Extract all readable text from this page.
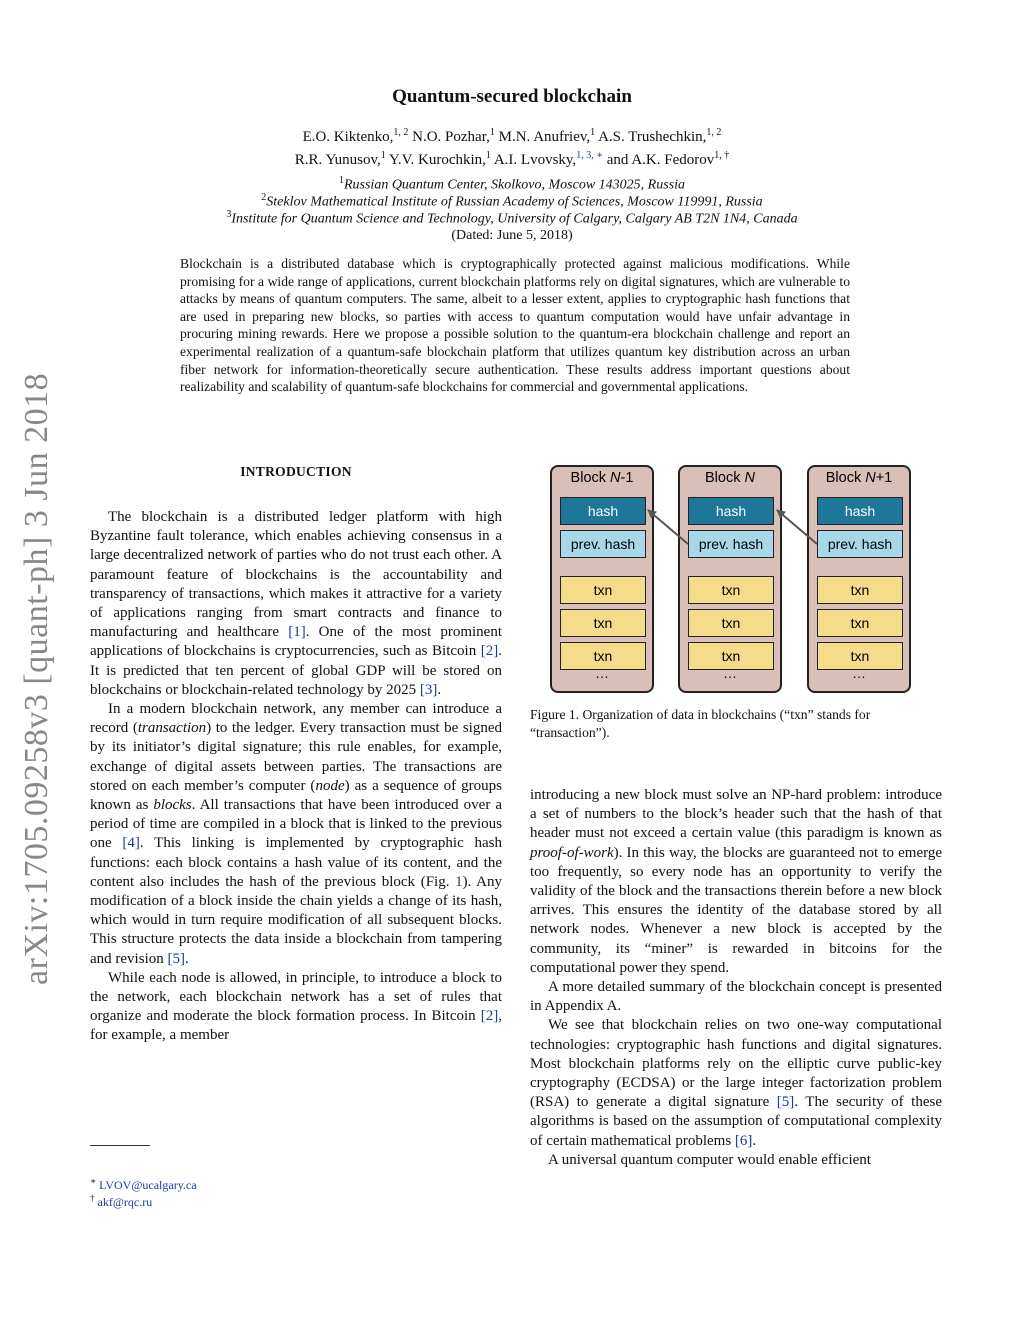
arXiv:1705.09258v3 [quant-ph] 3 Jun 2018
Quantum-secured blockchain
E.O. Kiktenko,$^{1, 2}$ N.O. Pozhar,$^1$ M.N. Anufriev,$^1$ A.S. Trushechkin,$^{1, 2}$
R.R. Yunusov,$^1$ Y.V. Kurochkin,$^1$ A.I. Lvovsky,$^{1, 3, ∗}$ and A.K. Fedorov$^{1, \dagger}$
$^1$Russian Quantum Center, Skolkovo, Moscow 143025, Russia
$^2$Steklov Mathematical Institute of Russian Academy of Sciences, Moscow 119991, Russia
$^3$Institute for Quantum Science and Technology, University of Calgary, Calgary AB T2N 1N4, Canada
(Dated: June 5, 2018)

Blockchain is a distributed database which is cryptographically protected against malicious modifications. While promising for a wide range of applications, current blockchain platforms rely on digital signatures, which are vulnerable to attacks by means of quantum computers. The same, albeit to a lesser extent, applies to cryptographic hash functions that are used in preparing new blocks, so parties with access to quantum computation would have unfair advantage in procuring mining rewards. Here we propose a possible solution to the quantum-era blockchain challenge and report an experimental realization of a quantum-safe blockchain platform that utilizes quantum key distribution across an urban fiber network for information-theoretically secure authentication. These results address important questions about realizability and scalability of quantum-safe blockchains for commercial and governmental applications.

INTRODUCTION

The blockchain is a distributed ledger platform with high Byzantine fault tolerance, which enables achieving consensus in a large decentralized network of parties who do not trust each other. A paramount feature of blockchains is the accountability and transparency of transactions, which makes it attractive for a variety of applications ranging from smart contracts and finance to manufacturing and healthcare [1]. One of the most prominent applications of blockchains is cryptocurrencies, such as Bitcoin [2]. It is predicted that ten percent of global GDP will be stored on blockchains or blockchain-related technology by 2025 [3].

In a modern blockchain network, any member can introduce a record (transaction) to the ledger. Every transaction must be signed by its initiator’s digital signature; this rule enables, for example, exchange of digital assets between parties. The transactions are stored on each member’s computer (node) as a sequence of groups known as blocks. All transactions that have been introduced over a period of time are compiled in a block that is linked to the previous one [4]. This linking is implemented by cryptographic hash functions: each block contains a hash value of its content, and the content also includes the hash of the previous block (Fig. 1). Any modification of a block inside the chain yields a change of its hash, which would in turn require modification of all subsequent blocks. This structure protects the data inside a blockchain from tampering and revision [5].

While each node is allowed, in principle, to introduce a block to the network, each blockchain network has a set of rules that organize and moderate the block formation process. In Bitcoin [2], for example, a member

∗ LVOV@ucalgary.ca
† akf@rqc.ru
Block N-1
hash
prev. hash
txn
txn
txn
…
Block N
hash
prev. hash
txn
txn
txn
…
Block N+1
hash
prev. hash
txn
txn
txn
…
Figure 1. Organization of data in blockchains (“txn” stands for “transaction”).

introducing a new block must solve an NP-hard problem: introduce a set of numbers to the block’s header such that the hash of that header must not exceed a certain value (this paradigm is known as proof-of-work). In this way, the blocks are guaranteed not to emerge too frequently, so every node has an opportunity to verify the validity of the block and the transactions therein before a new block arrives. This ensures the identity of the database stored by all network nodes. Whenever a new block is accepted by the community, its “miner” is rewarded in bitcoins for the computational power they spend.

A more detailed summary of the blockchain concept is presented in Appendix A.

We see that blockchain relies on two one-way computational technologies: cryptographic hash functions and digital signatures. Most blockchain platforms rely on the elliptic curve public-key cryptography (ECDSA) or the large integer factorization problem (RSA) to generate a digital signature [5]. The security of these algorithms is based on the assumption of computational complexity of certain mathematical problems [6].

A universal quantum computer would enable efficient
